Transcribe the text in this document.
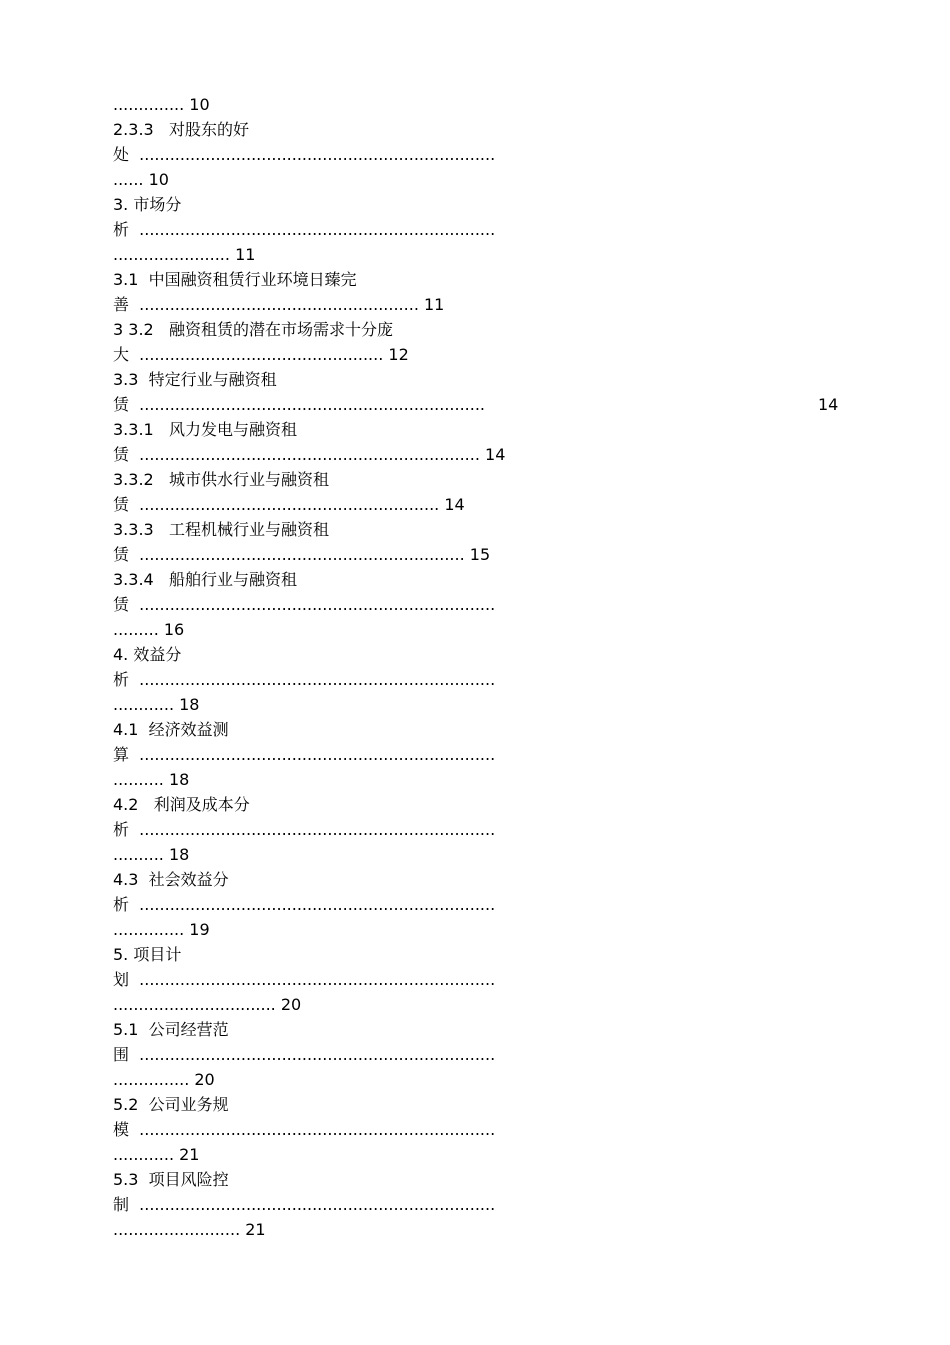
.............. 10
2.3.3   对股东的好
处  ......................................................................
...... 10
3. 市场分
析  ......................................................................
....................... 11
3.1  中国融资租赁行业环境日臻完
善  ....................................................... 11
3 3.2   融资租赁的潜在市场需求十分庞
大  ................................................ 12
3.3  特定行业与融资租
赁  ....................................................................	14
3.3.1   风力发电与融资租
赁  ................................................................... 14
3.3.2   城市供水行业与融资租
赁  ........................................................... 14
3.3.3   工程机械行业与融资租
赁  ................................................................ 15
3.3.4   船舶行业与融资租
赁  ......................................................................
......... 16
4. 效益分
析  ......................................................................
............ 18
4.1  经济效益测
算  ......................................................................
.......... 18
4.2   利润及成本分
析  ......................................................................
.......... 18
4.3  社会效益分
析  ......................................................................
.............. 19
5. 项目计
划  ......................................................................
................................ 20
5.1  公司经营范
围  ......................................................................
............... 20
5.2  公司业务规
模  ......................................................................
............ 21
5.3  项目风险控
制  ......................................................................
......................... 21
